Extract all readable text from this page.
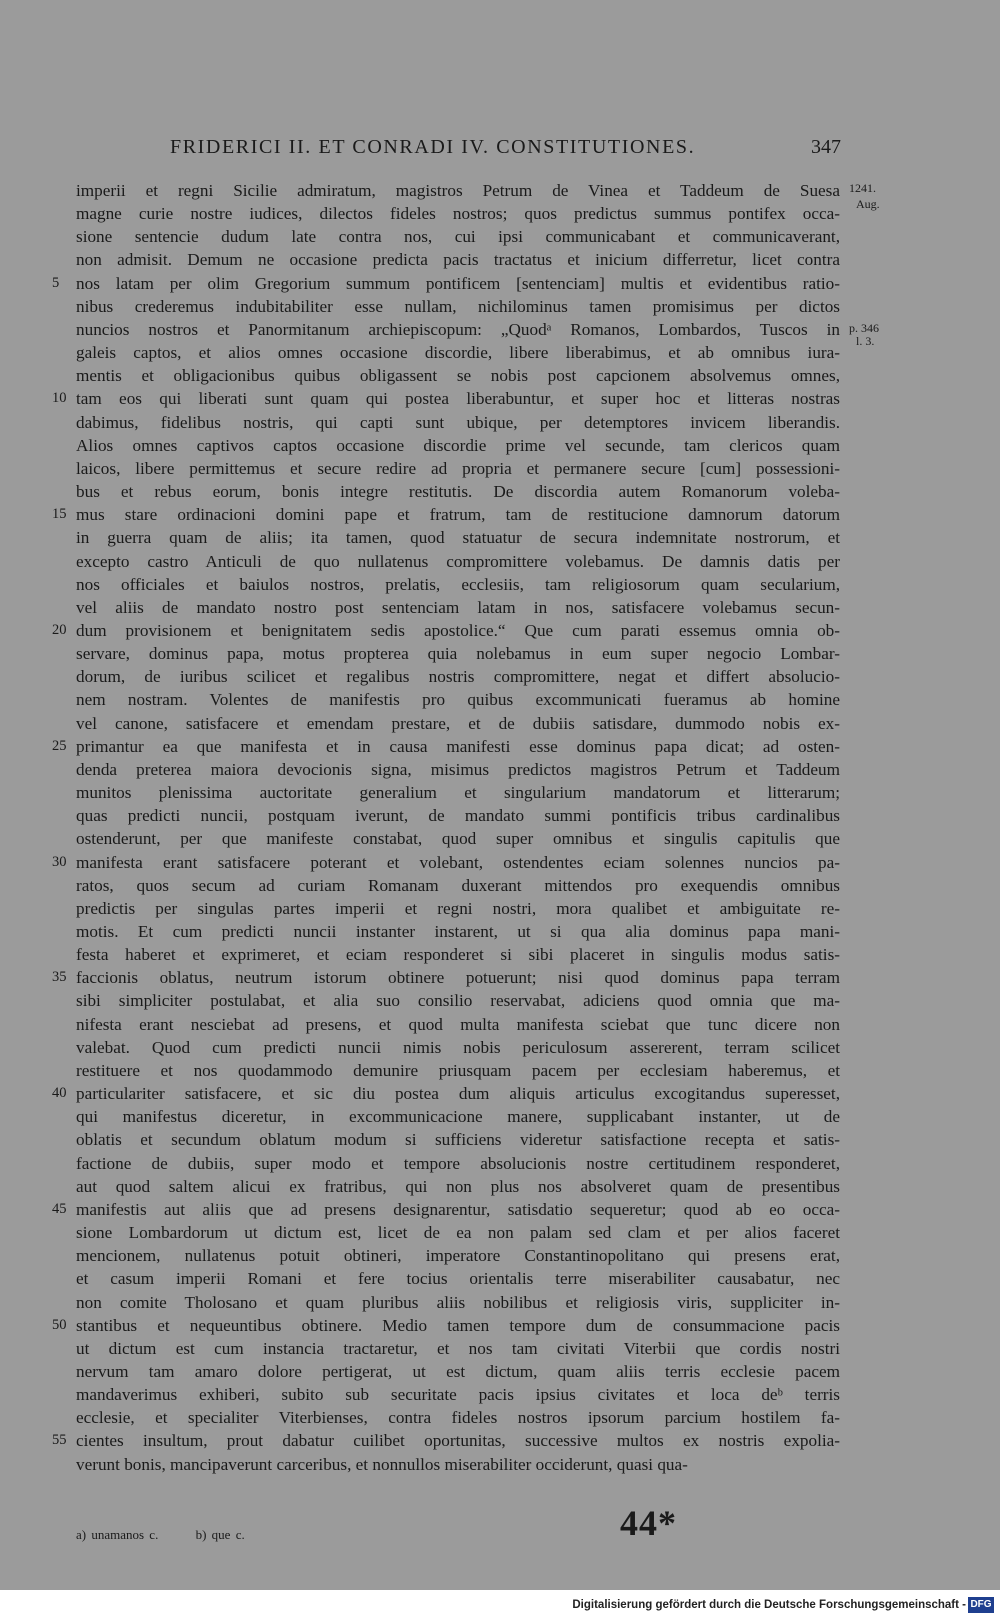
FRIDERICI II. ET CONRADI IV. CONSTITUTIONES.	347
1241.
Aug.
p. 346
l. 3.
imperii et regni Sicilie admiratum, magistros Petrum de Vinea et Taddeum de Suesa
magne curie nostre iudices, dilectos fideles nostros; quos predictus summus pontifex occa-
sione sentencie dudum late contra nos, cui ipsi communicabant et communicaverant,
non admisit. Demum ne occasione predicta pacis tractatus et inicium differretur, licet contra
5 nos latam per olim Gregorium summum pontificem [sentenciam] multis et evidentibus ratio-
nibus crederemus indubitabiliter esse nullam, nichilominus tamen promisimus per dictos
nuncios nostros et Panormitanum archiepiscopum: „Quodᵃ Romanos, Lombardos, Tuscos in
galeis captos, et alios omnes occasione discordie, libere liberabimus, et ab omnibus iura-
mentis et obligacionibus quibus obligassent se nobis post capcionem absolvemus omnes,
10 tam eos qui liberati sunt quam qui postea liberabuntur, et super hoc et litteras nostras
dabimus, fidelibus nostris, qui capti sunt ubique, per detemptores invicem liberandis.
Alios omnes captivos captos occasione discordie prime vel secunde, tam clericos quam
laicos, libere permittemus et secure redire ad propria et permanere secure [cum] possessioni-
bus et rebus eorum, bonis integre restitutis. De discordia autem Romanorum voleba-
15 mus stare ordinacioni domini pape et fratrum, tam de restitucione damnorum datorum
in guerra quam de aliis; ita tamen, quod statuatur de secura indemnitate nostrorum, et
excepto castro Anticuli de quo nullatenus compromittere volebamus. De damnis datis per
nos officiales et baiulos nostros, prelatis, ecclesiis, tam religiosorum quam secularium,
vel aliis de mandato nostro post sentenciam latam in nos, satisfacere volebamus secun-
20 dum provisionem et benignitatem sedis apostolice.“ Que cum parati essemus omnia ob-
servare, dominus papa, motus propterea quia nolebamus in eum super negocio Lombar-
dorum, de iuribus scilicet et regalibus nostris compromittere, negat et differt absolucio-
nem nostram. Volentes de manifestis pro quibus excommunicati fueramus ab homine
vel canone, satisfacere et emendam prestare, et de dubiis satisdare, dummodo nobis ex-
25 primantur ea que manifesta et in causa manifesti esse dominus papa dicat; ad osten-
denda preterea maiora devocionis signa, misimus predictos magistros Petrum et Taddeum
munitos plenissima auctoritate generalium et singularium mandatorum et litterarum;
quas predicti nuncii, postquam iverunt, de mandato summi pontificis tribus cardinalibus
ostenderunt, per que manifeste constabat, quod super omnibus et singulis capitulis que
30 manifesta erant satisfacere poterant et volebant, ostendentes eciam solennes nuncios pa-
ratos, quos secum ad curiam Romanam duxerant mittendos pro exequendis omnibus
predictis per singulas partes imperii et regni nostri, mora qualibet et ambiguitate re-
motis. Et cum predicti nuncii instanter instarent, ut si qua alia dominus papa mani-
festa haberet et exprimeret, et eciam responderet si sibi placeret in singulis modus satis-
35 faccionis oblatus, neutrum istorum obtinere potuerunt; nisi quod dominus papa terram
sibi simpliciter postulabat, et alia suo consilio reservabat, adiciens quod omnia que ma-
nifesta erant nesciebat ad presens, et quod multa manifesta sciebat que tunc dicere non
valebat. Quod cum predicti nuncii nimis nobis periculosum assererent, terram scilicet
restituere et nos quodammodo demunire priusquam pacem per ecclesiam haberemus, et
40 particulariter satisfacere, et sic diu postea dum aliquis articulus excogitandus superesset,
qui manifestus diceretur, in excommunicacione manere, supplicabant instanter, ut de
oblatis et secundum oblatum modum si sufficiens videretur satisfactione recepta et satis-
factione de dubiis, super modo et tempore absolucionis nostre certitudinem responderet,
aut quod saltem alicui ex fratribus, qui non plus nos absolveret quam de presentibus
45 manifestis aut aliis que ad presens designarentur, satisdatio sequeretur; quod ab eo occa-
sione Lombardorum ut dictum est, licet de ea non palam sed clam et per alios faceret
mencionem, nullatenus potuit obtineri, imperatore Constantinopolitano qui presens erat,
et casum imperii Romani et fere tocius orientalis terre miserabiliter causabatur, nec
non comite Tholosano et quam pluribus aliis nobilibus et religiosis viris, suppliciter in-
50 stantibus et nequeuntibus obtinere. Medio tamen tempore dum de consummacione pacis
ut dictum est cum instancia tractaretur, et nos tam civitati Viterbii que cordis nostri
nervum tam amaro dolore pertigerat, ut est dictum, quam aliis terris ecclesie pacem
mandaverimus exhiberi, subito sub securitate pacis ipsius civitates et loca deᵇ terris
ecclesie, et specialiter Viterbienses, contra fideles nostros ipsorum parcium hostilem fa-
55 cientes insultum, prout dabatur cuilibet oportunitas, successive multos ex nostris expolia-
verunt bonis, mancipaverunt carceribus, et nonnullos miserabiliter occiderunt, quasi qua-
a) unamanos c.	b) que c.	44*
Digitalisierung gefördert durch die Deutsche Forschungsgemeinschaft - DFG
